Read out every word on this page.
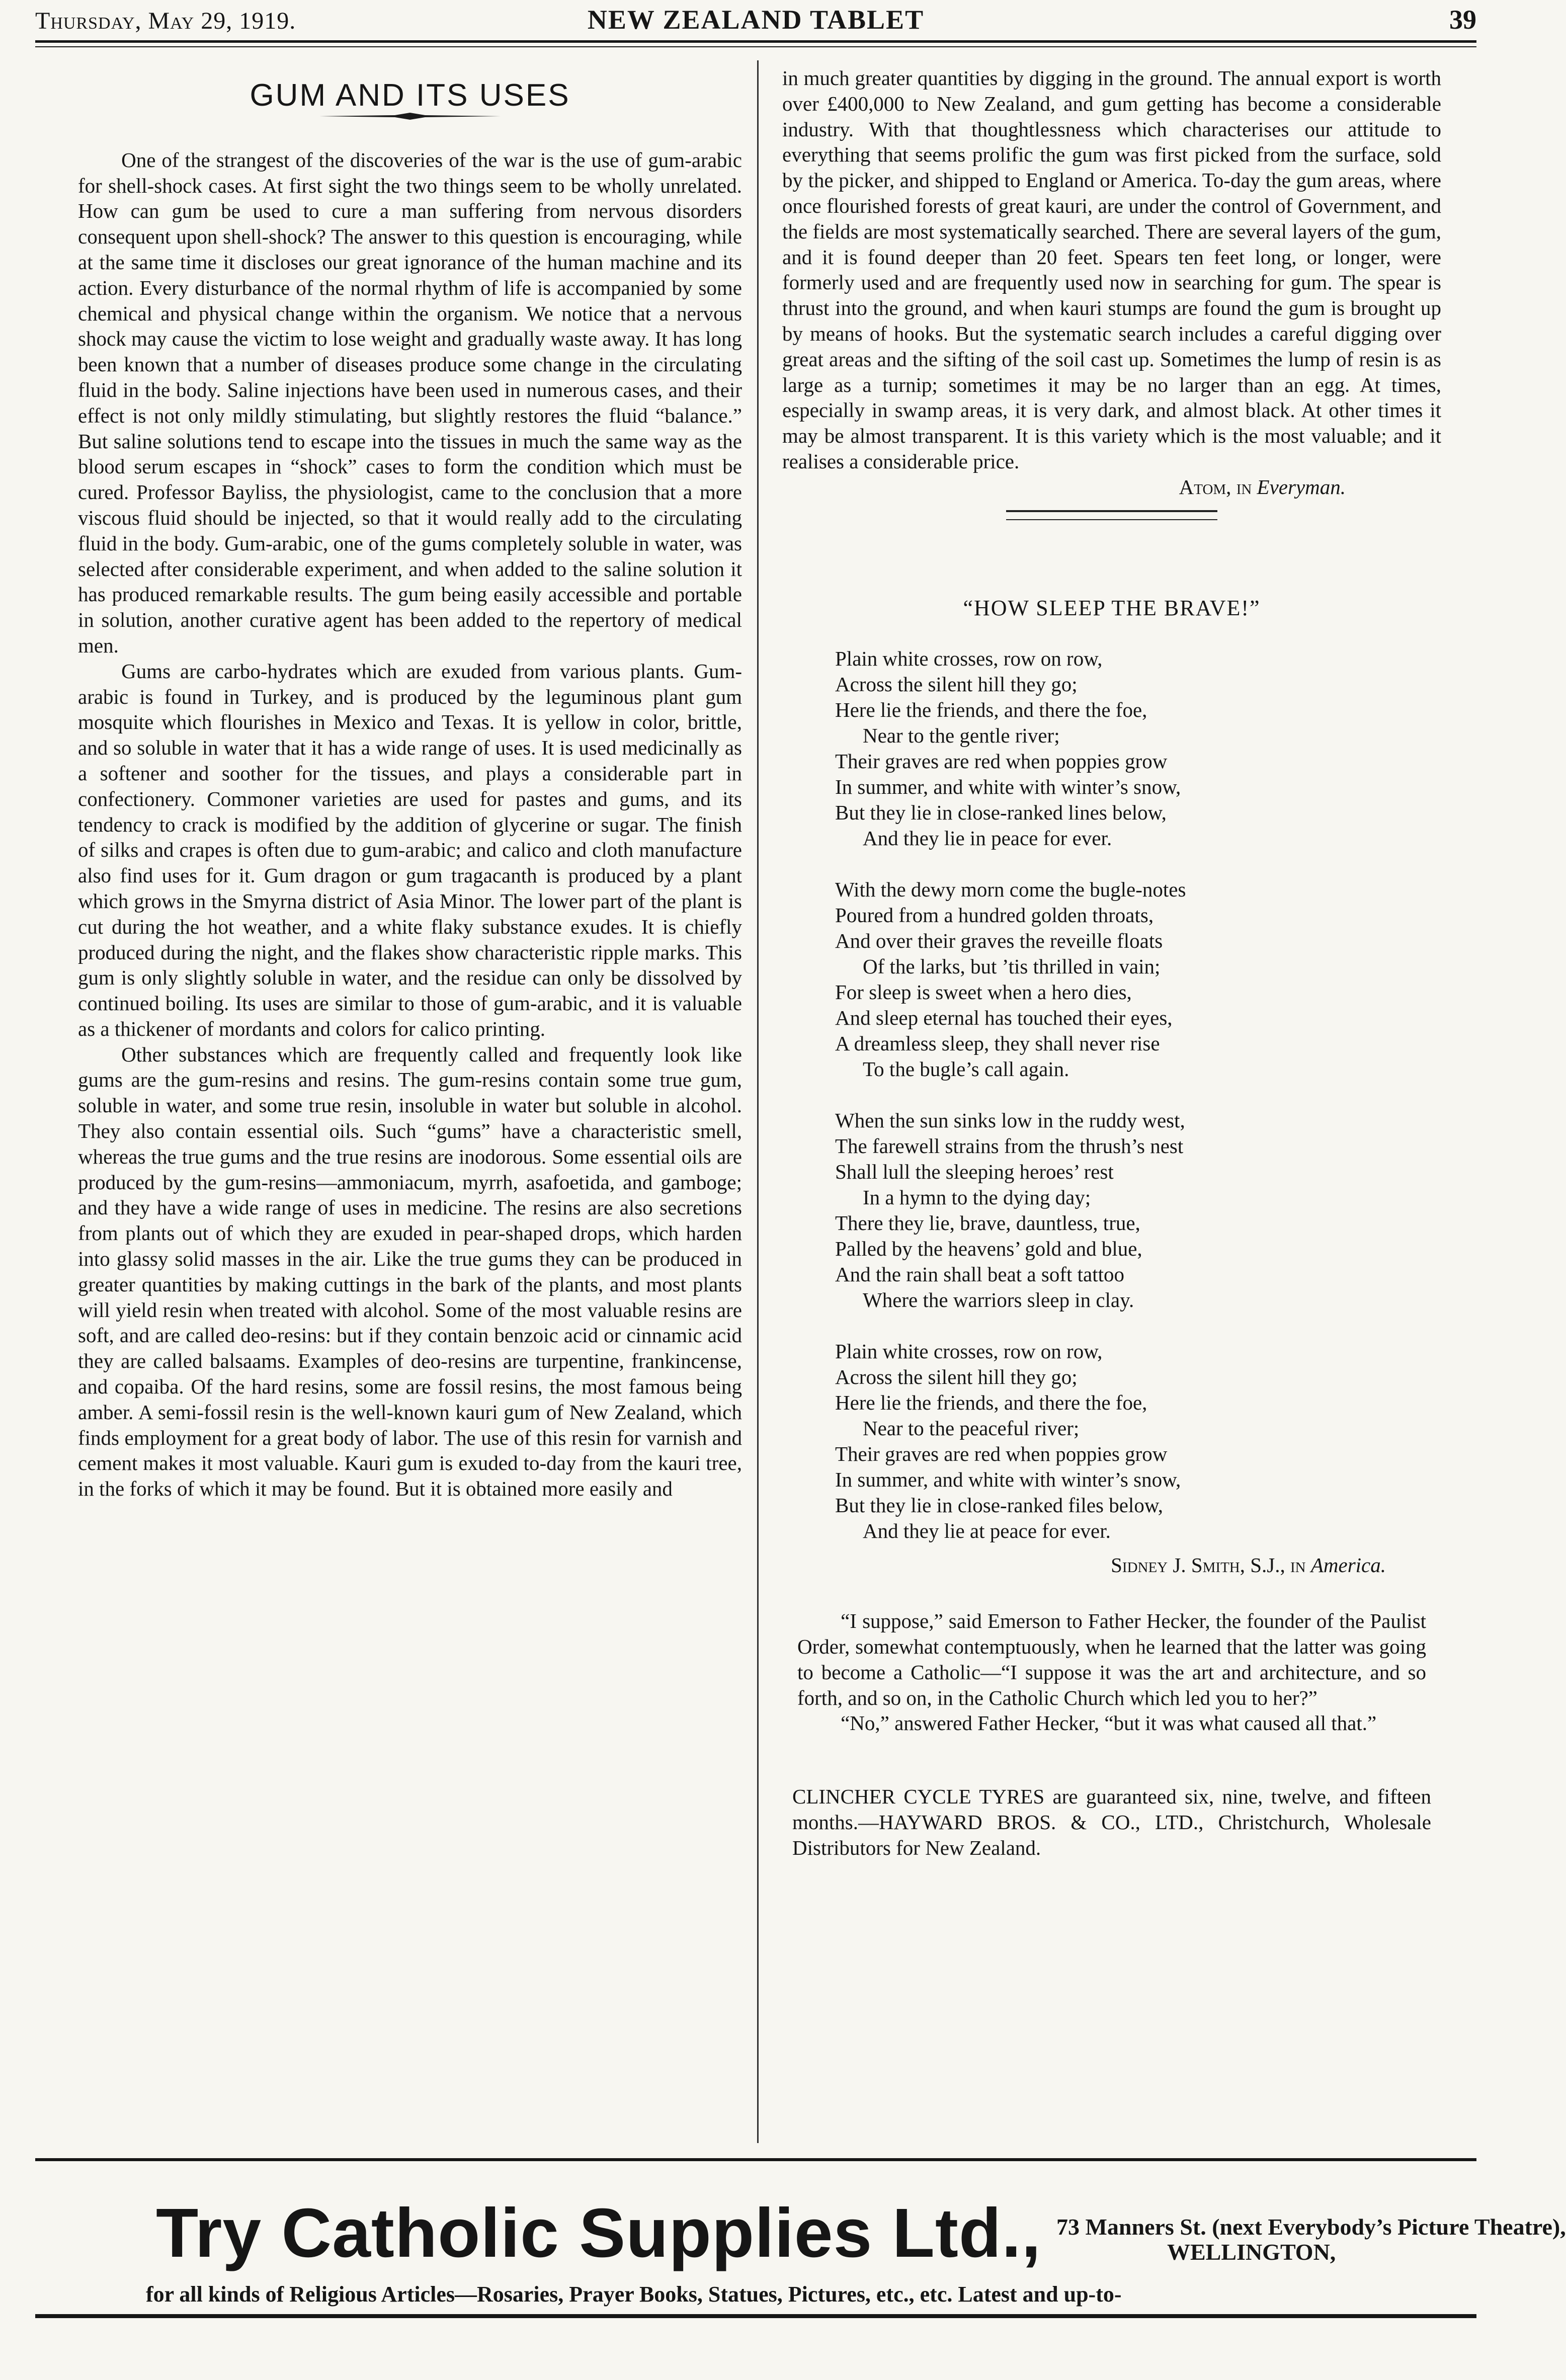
Thursday, May 29, 1919.	NEW ZEALAND TABLET	39
GUM AND ITS USES

One of the strangest of the discoveries of the war is the use of gum-arabic for shell-shock cases. At first sight the two things seem to be wholly unrelated. How can gum be used to cure a man suffering from nervous disorders consequent upon shell-shock? The answer to this question is encouraging, while at the same time it discloses our great ignorance of the human machine and its action. Every disturbance of the normal rhythm of life is accompanied by some chemical and physical change within the organism. We notice that a nervous shock may cause the victim to lose weight and gradually waste away. It has long been known that a number of diseases produce some change in the circulating fluid in the body. Saline injections have been used in numerous cases, and their effect is not only mildly stimulating, but slightly restores the fluid “balance.” But saline solutions tend to escape into the tissues in much the same way as the blood serum escapes in “shock” cases to form the condition which must be cured. Professor Bayliss, the physiologist, came to the conclusion that a more viscous fluid should be injected, so that it would really add to the circulating fluid in the body. Gum-arabic, one of the gums completely soluble in water, was selected after considerable experiment, and when added to the saline solution it has produced remarkable results. The gum being easily accessible and portable in solution, another curative agent has been added to the repertory of medical men.

Gums are carbo-hydrates which are exuded from various plants. Gum-arabic is found in Turkey, and is produced by the leguminous plant gum mosquite which flourishes in Mexico and Texas. It is yellow in color, brittle, and so soluble in water that it has a wide range of uses. It is used medicinally as a softener and soother for the tissues, and plays a considerable part in confectionery. Commoner varieties are used for pastes and gums, and its tendency to crack is modified by the addition of glycerine or sugar. The finish of silks and crapes is often due to gum-arabic; and calico and cloth manufacture also find uses for it. Gum dragon or gum tragacanth is produced by a plant which grows in the Smyrna district of Asia Minor. The lower part of the plant is cut during the hot weather, and a white flaky substance exudes. It is chiefly produced during the night, and the flakes show characteristic ripple marks. This gum is only slightly soluble in water, and the residue can only be dissolved by continued boiling. Its uses are similar to those of gum-arabic, and it is valuable as a thickener of mordants and colors for calico printing.

Other substances which are frequently called and frequently look like gums are the gum-resins and resins. The gum-resins contain some true gum, soluble in water, and some true resin, insoluble in water but soluble in alcohol. They also contain essential oils. Such “gums” have a characteristic smell, whereas the true gums and the true resins are inodorous. Some essential oils are produced by the gum-resins—ammoniacum, myrrh, asafoetida, and gamboge; and they have a wide range of uses in medicine. The resins are also secretions from plants out of which they are exuded in pear-shaped drops, which harden into glassy solid masses in the air. Like the true gums they can be produced in greater quantities by making cuttings in the bark of the plants, and most plants will yield resin when treated with alcohol. Some of the most valuable resins are soft, and are called deo-resins: but if they contain benzoic acid or cinnamic acid they are called balsaams. Examples of deo-resins are turpentine, frankincense, and copaiba. Of the hard resins, some are fossil resins, the most famous being amber. A semi-fossil resin is the well-known kauri gum of New Zealand, which finds employment for a great body of labor. The use of this resin for varnish and cement makes it most valuable. Kauri gum is exuded to-day from the kauri tree, in the forks of which it may be found. But it is obtained more easily and

in much greater quantities by digging in the ground. The annual export is worth over £400,000 to New Zealand, and gum getting has become a considerable industry. With that thoughtlessness which characterises our attitude to everything that seems prolific the gum was first picked from the surface, sold by the picker, and shipped to England or America. To-day the gum areas, where once flourished forests of great kauri, are under the control of Government, and the fields are most systematically searched. There are several layers of the gum, and it is found deeper than 20 feet. Spears ten feet long, or longer, were formerly used and are frequently used now in searching for gum. The spear is thrust into the ground, and when kauri stumps are found the gum is brought up by means of hooks. But the systematic search includes a careful digging over great areas and the sifting of the soil cast up. Sometimes the lump of resin is as large as a turnip; sometimes it may be no larger than an egg. At times, especially in swamp areas, it is very dark, and almost black. At other times it may be almost transparent. It is this variety which is the most valuable; and it realises a considerable price.

Atom, in Everyman.
“HOW SLEEP THE BRAVE!”
Plain white crosses, row on row,
Across the silent hill they go;
Here lie the friends, and there the foe,
Near to the gentle river;
Their graves are red when poppies grow
In summer, and white with winter’s snow,
But they lie in close-ranked lines below,
And they lie in peace for ever.
With the dewy morn come the bugle-notes
Poured from a hundred golden throats,
And over their graves the reveille floats
Of the larks, but ’tis thrilled in vain;
For sleep is sweet when a hero dies,
And sleep eternal has touched their eyes,
A dreamless sleep, they shall never rise
To the bugle’s call again.
When the sun sinks low in the ruddy west,
The farewell strains from the thrush’s nest
Shall lull the sleeping heroes’ rest
In a hymn to the dying day;
There they lie, brave, dauntless, true,
Palled by the heavens’ gold and blue,
And the rain shall beat a soft tattoo
Where the warriors sleep in clay.
Plain white crosses, row on row,
Across the silent hill they go;
Here lie the friends, and there the foe,
Near to the peaceful river;
Their graves are red when poppies grow
In summer, and white with winter’s snow,
But they lie in close-ranked files below,
And they lie at peace for ever.
Sidney J. Smith, S.J., in America.

“I suppose,” said Emerson to Father Hecker, the founder of the Paulist Order, somewhat contemptuously, when he learned that the latter was going to become a Catholic—“I suppose it was the art and architecture, and so forth, and so on, in the Catholic Church which led you to her?”

“No,” answered Father Hecker, “but it was what caused all that.”

CLINCHER CYCLE TYRES are guaranteed six, nine, twelve, and fifteen months.—HAYWARD BROS. & CO., LTD., Christchurch, Wholesale Distributors for New Zealand.

Try Catholic Supplies Ltd., 73 Manners St. (next Everybody’s Picture Theatre),
WELLINGTON,
for all kinds of Religious Articles—Rosaries, Prayer Books, Statues, Pictures, etc., etc. Latest and up-to-
